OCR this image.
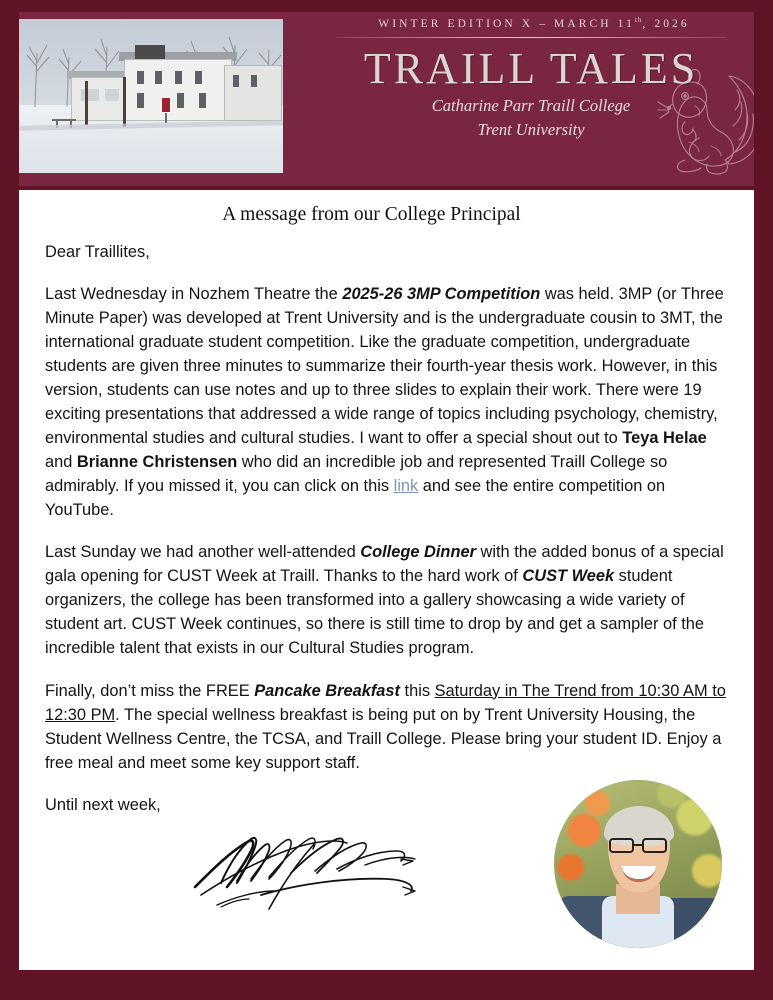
WINTER EDITION X – MARCH 11th, 2026
TRAILL TALES
Catharine Parr Traill College
Trent University
A message from our College Principal

Dear Traillites,

Last Wednesday in Nozhem Theatre the 2025-26 3MP Competition was held. 3MP (or Three Minute Paper) was developed at Trent University and is the undergraduate cousin to 3MT, the international graduate student competition. Like the graduate competition, undergraduate students are given three minutes to summarize their fourth-year thesis work. However, in this version, students can use notes and up to three slides to explain their work. There were 19 exciting presentations that addressed a wide range of topics including psychology, chemistry, environmental studies and cultural studies. I want to offer a special shout out to Teya Helae and Brianne Christensen who did an incredible job and represented Traill College so admirably. If you missed it, you can click on this link and see the entire competition on YouTube.

Last Sunday we had another well-attended College Dinner with the added bonus of a special gala opening for CUST Week at Traill. Thanks to the hard work of CUST Week student organizers, the college has been transformed into a gallery showcasing a wide variety of student art. CUST Week continues, so there is still time to drop by and get a sampler of the incredible talent that exists in our Cultural Studies program.

Finally, don’t miss the FREE Pancake Breakfast this Saturday in The Trend from 10:30 AM to 12:30 PM. The special wellness breakfast is being put on by Trent University Housing, the Student Wellness Centre, the TCSA, and Traill College. Please bring your student ID. Enjoy a free meal and meet some key support staff.

Until next week,
